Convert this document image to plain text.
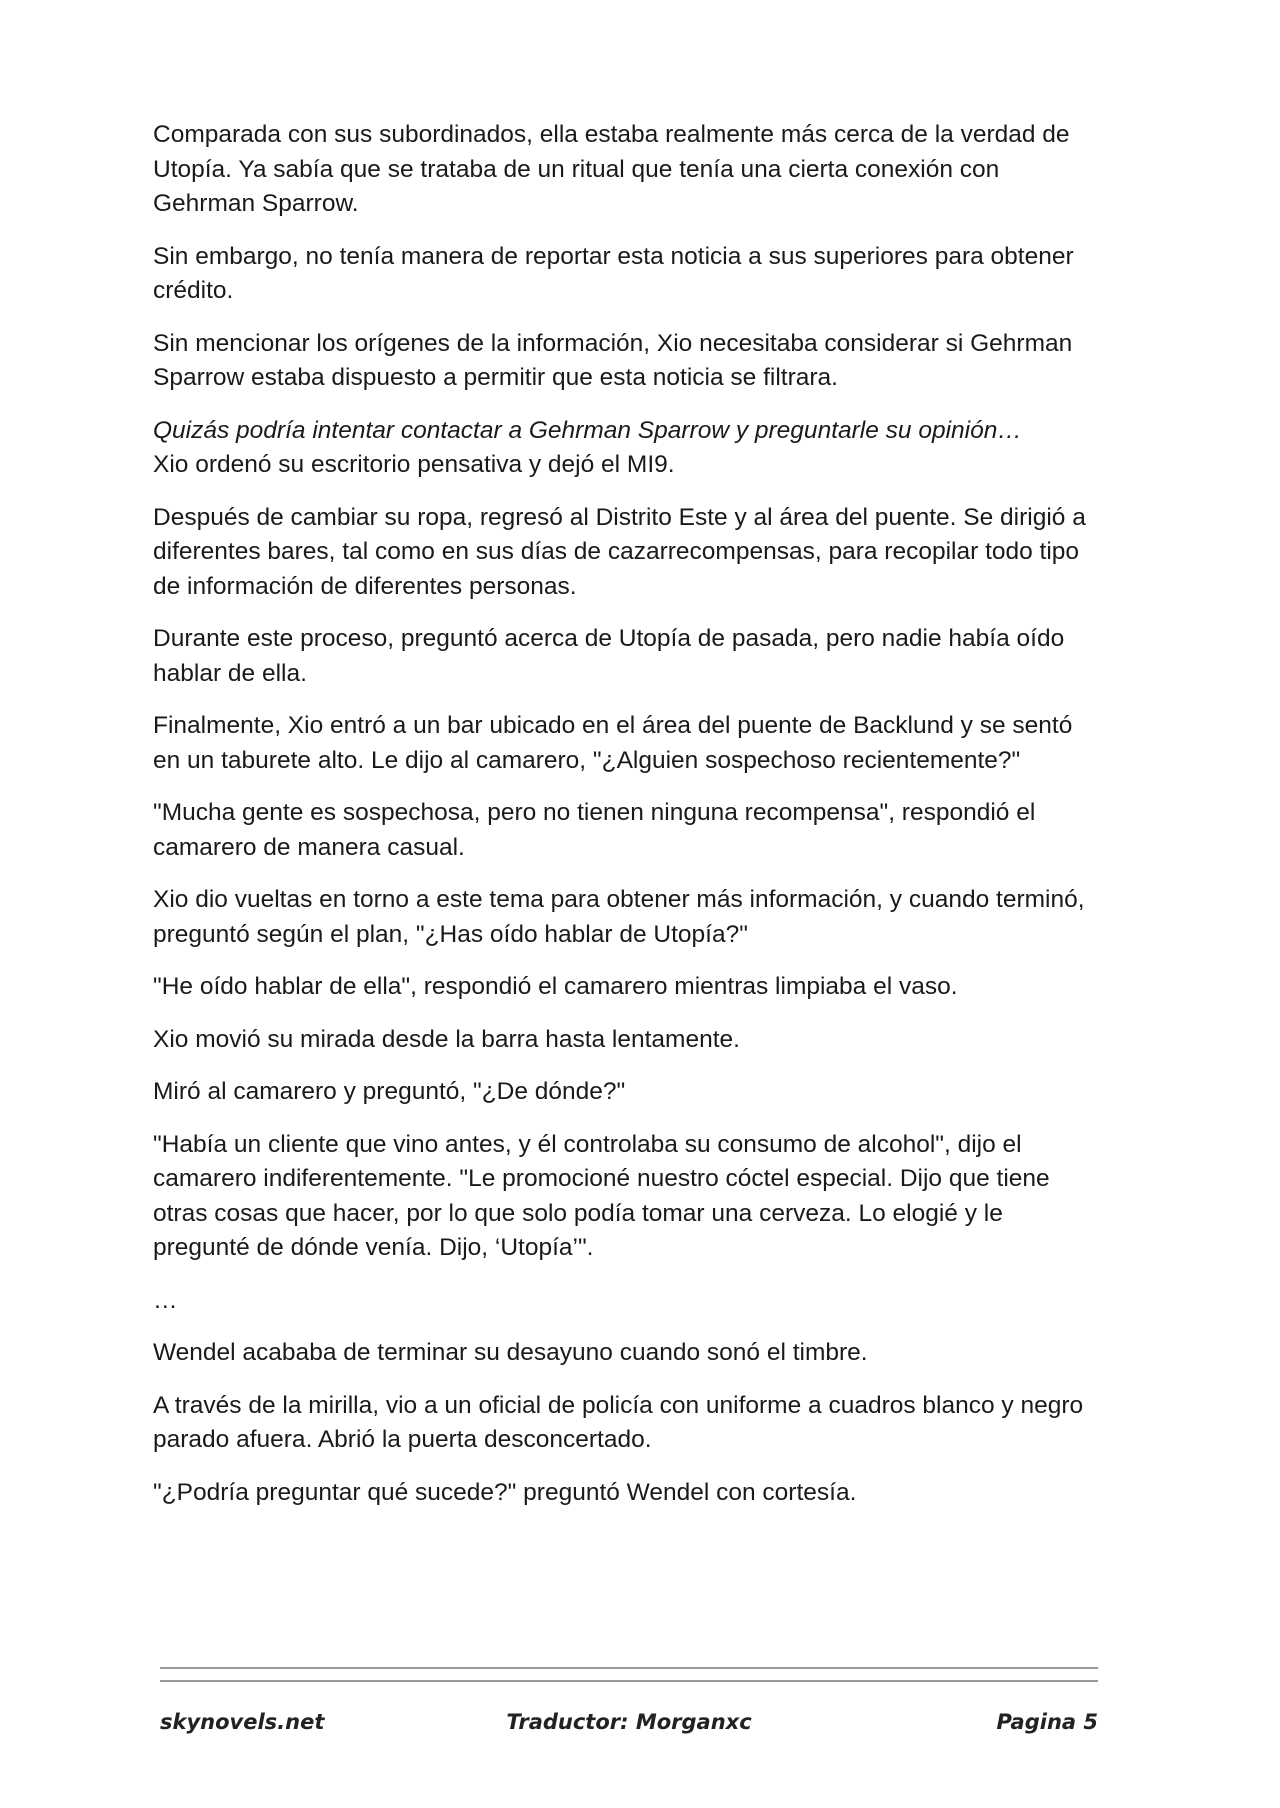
Comparada con sus subordinados, ella estaba realmente más cerca de la verdad de Utopía. Ya sabía que se trataba de un ritual que tenía una cierta conexión con Gehrman Sparrow.

Sin embargo, no tenía manera de reportar esta noticia a sus superiores para obtener crédito.

Sin mencionar los orígenes de la información, Xio necesitaba considerar si Gehrman Sparrow estaba dispuesto a permitir que esta noticia se filtrara.

Quizás podría intentar contactar a Gehrman Sparrow y preguntarle su opinión…
Xio ordenó su escritorio pensativa y dejó el MI9.

Después de cambiar su ropa, regresó al Distrito Este y al área del puente. Se dirigió a diferentes bares, tal como en sus días de cazarrecompensas, para recopilar todo tipo de información de diferentes personas.

Durante este proceso, preguntó acerca de Utopía de pasada, pero nadie había oído hablar de ella.

Finalmente, Xio entró a un bar ubicado en el área del puente de Backlund y se sentó en un taburete alto. Le dijo al camarero, "¿Alguien sospechoso recientemente?"

"Mucha gente es sospechosa, pero no tienen ninguna recompensa", respondió el camarero de manera casual.

Xio dio vueltas en torno a este tema para obtener más información, y cuando terminó, preguntó según el plan, "¿Has oído hablar de Utopía?"

"He oído hablar de ella", respondió el camarero mientras limpiaba el vaso.

Xio movió su mirada desde la barra hasta lentamente.

Miró al camarero y preguntó, "¿De dónde?"

"Había un cliente que vino antes, y él controlaba su consumo de alcohol", dijo el camarero indiferentemente. "Le promocioné nuestro cóctel especial. Dijo que tiene otras cosas que hacer, por lo que solo podía tomar una cerveza. Lo elogié y le pregunté de dónde venía. Dijo, ‘Utopía’".

…

Wendel acababa de terminar su desayuno cuando sonó el timbre.

A través de la mirilla, vio a un oficial de policía con uniforme a cuadros blanco y negro parado afuera. Abrió la puerta desconcertado.

"¿Podría preguntar qué sucede?" preguntó Wendel con cortesía.

skynovels.net	Traductor: Morganxc	Pagina 5
